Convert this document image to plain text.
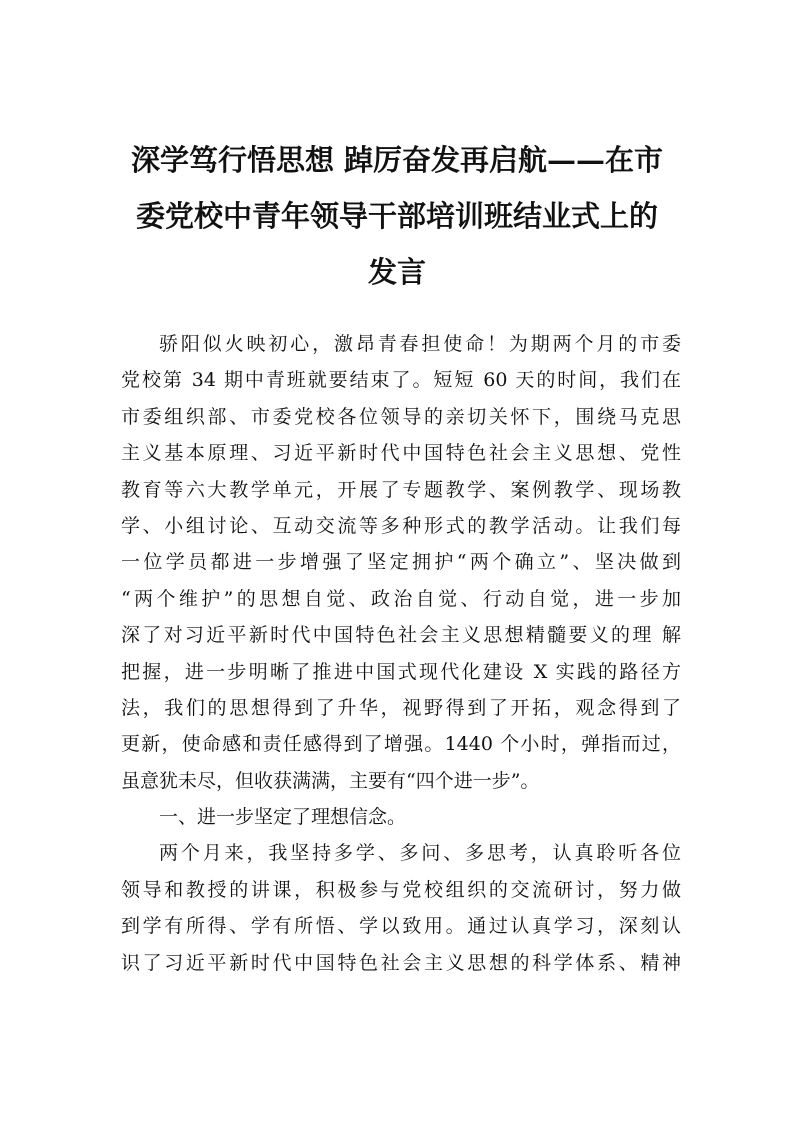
深学笃行悟思想 踔厉奋发再启航——在市
委党校中青年领导干部培训班结业式上的
发言
骄阳似火映初心，激昂青春担使命！为期两个月的市委
党校第 34 期中青班就要结束了。短短 60 天的时间，我们在
市委组织部、市委党校各位领导的亲切关怀下，围绕马克思
主义基本原理、习近平新时代中国特色社会主义思想、党性
教育等六大教学单元，开展了专题教学、案例教学、现场教
学、小组讨论、互动交流等多种形式的教学活动。让我们每
一位学员都进一步增强了坚定拥护“两个确立”、坚决做到
“两个维护”的思想自觉、政治自觉、行动自觉，进一步加
深了对习近平新时代中国特色社会主义思想精髓要义的理 解
把握，进一步明晰了推进中国式现代化建设 X 实践的路径方
法，我们的思想得到了升华，视野得到了开拓，观念得到了
更新，使命感和责任感得到了增强。1440 个小时，弹指而过，
虽意犹未尽，但收获满满，主要有“四个进一步”。
一、进一步坚定了理想信念。
两个月来，我坚持多学、多问、多思考，认真聆听各位
领导和教授的讲课，积极参与党校组织的交流研讨，努力做
到学有所得、学有所悟、学以致用。通过认真学习，深刻认
识了习近平新时代中国特色社会主义思想的科学体系、精神
